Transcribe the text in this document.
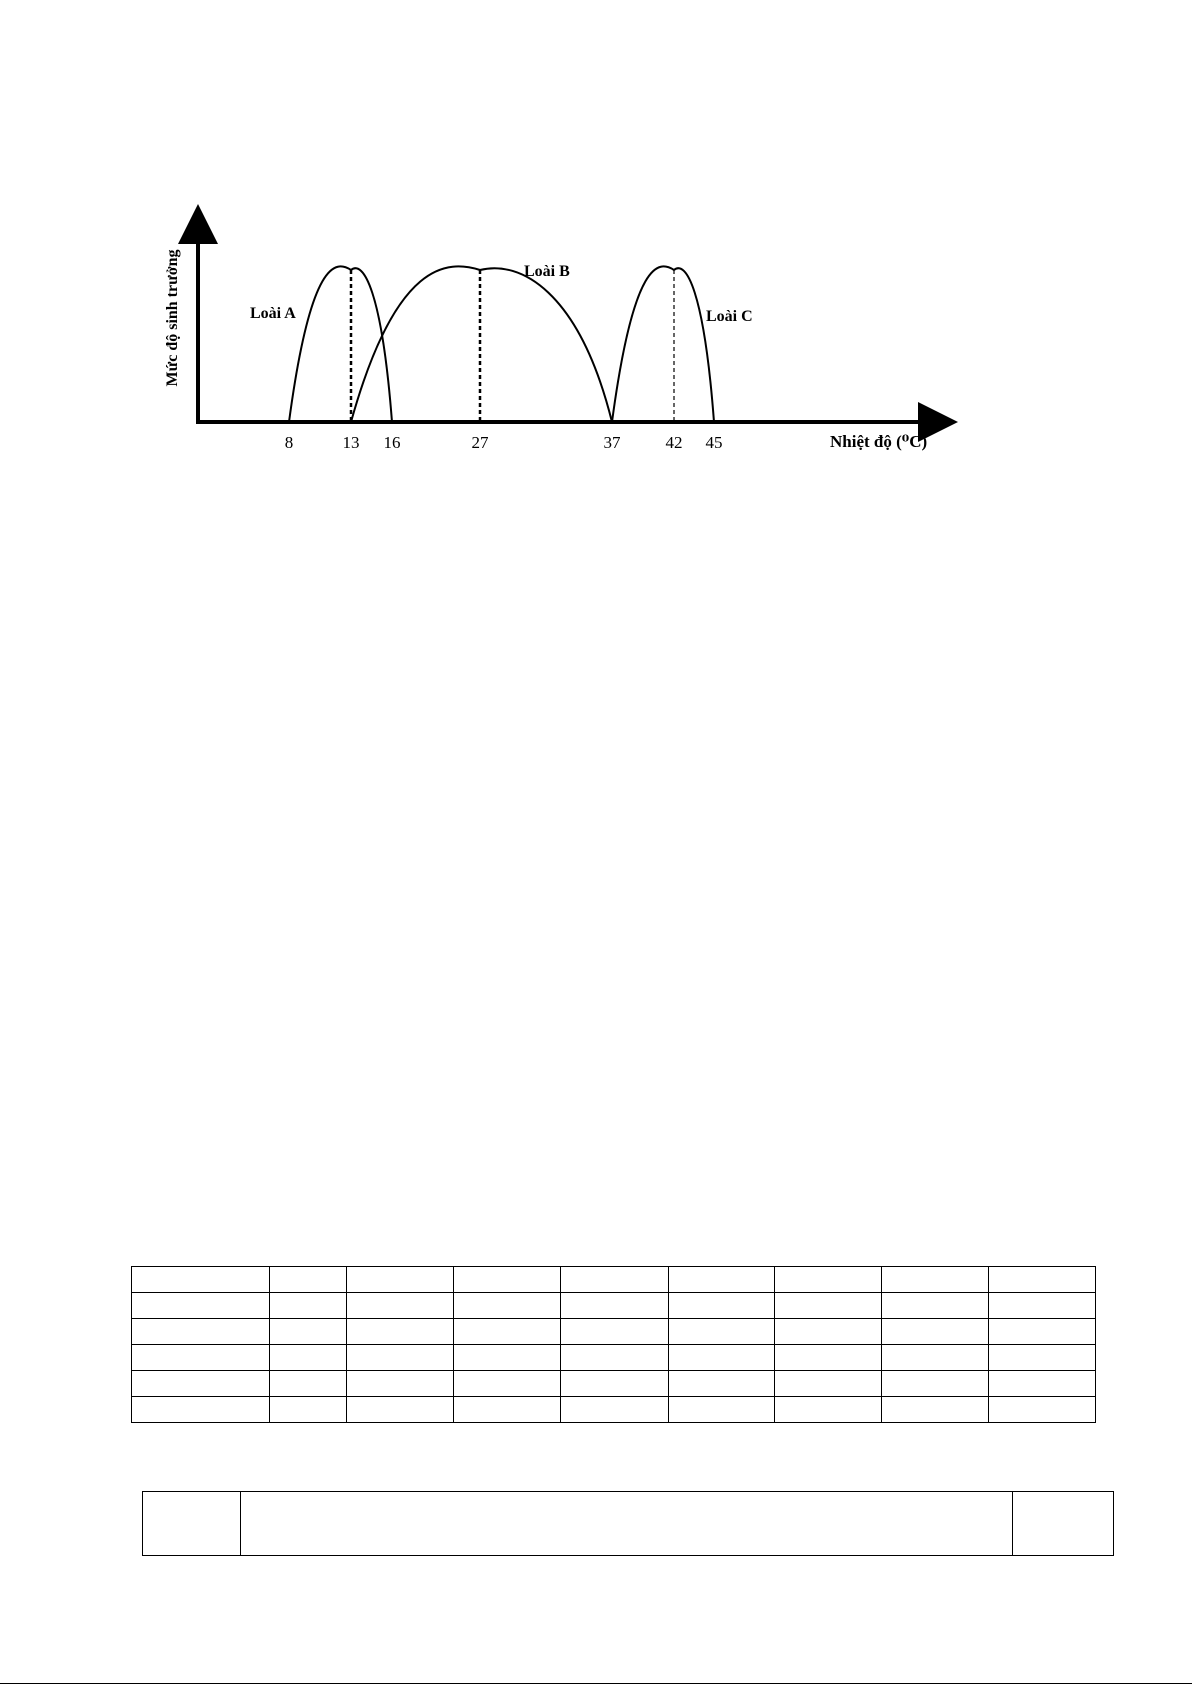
Mức độ sinh trưởng
Nhiệt độ (⁰C)
8	13 16	27	37	42 45
Loài A
Loài B
Loài C
